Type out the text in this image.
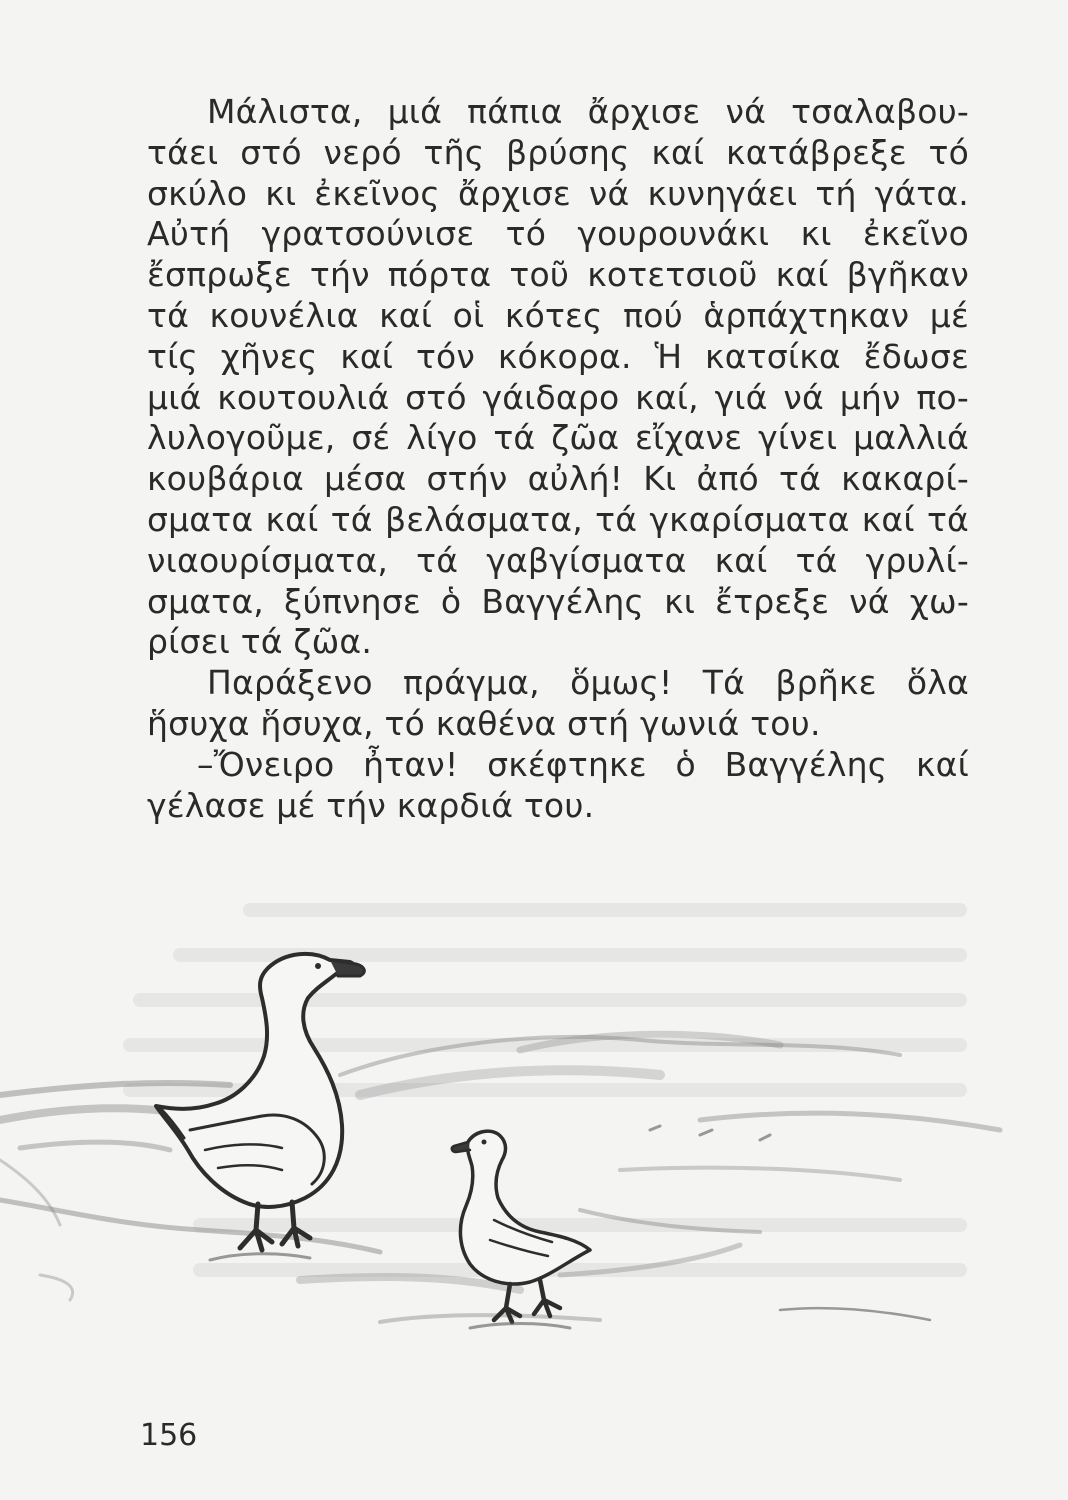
Μάλιστα, μιά πάπια ἄρχισε νά τσαλαβου-
τάει στό νερό τῆς βρύσης καί κατάβρεξε τό
σκύλο κι ἐκεῖνος ἄρχισε νά κυνηγάει τή γάτα.
Αὐτή γρατσούνισε τό γουρουνάκι κι ἐκεῖνο
ἔσπρωξε τήν πόρτα τοῦ κοτετσιοῦ καί βγῆκαν
τά κουνέλια καί οἱ κότες πού ἁρπάχτηκαν μέ
τίς χῆνες καί τόν κόκορα. Ἡ κατσίκα ἔδωσε
μιά κουτουλιά στό γάιδαρο καί, γιά νά μήν πο-
λυλογοῦμε, σέ λίγο τά ζῶα εἴχανε γίνει μαλλιά
κουβάρια μέσα στήν αὐλή! Κι ἀπό τά κακαρί-
σματα καί τά βελάσματα, τά γκαρίσματα καί τά
νιαουρίσματα, τά γαβγίσματα καί τά γρυλί-
σματα, ξύπνησε ὁ Βαγγέλης κι ἔτρεξε νά χω-
ρίσει τά ζῶα.
Παράξενο πράγμα, ὅμως! Τά βρῆκε ὅλα
ἥσυχα ἥσυχα, τό καθένα στή γωνιά του.
–Ὄνειρο ἦταν! σκέφτηκε ὁ Βαγγέλης καί
γέλασε μέ τήν καρδιά του.
156
